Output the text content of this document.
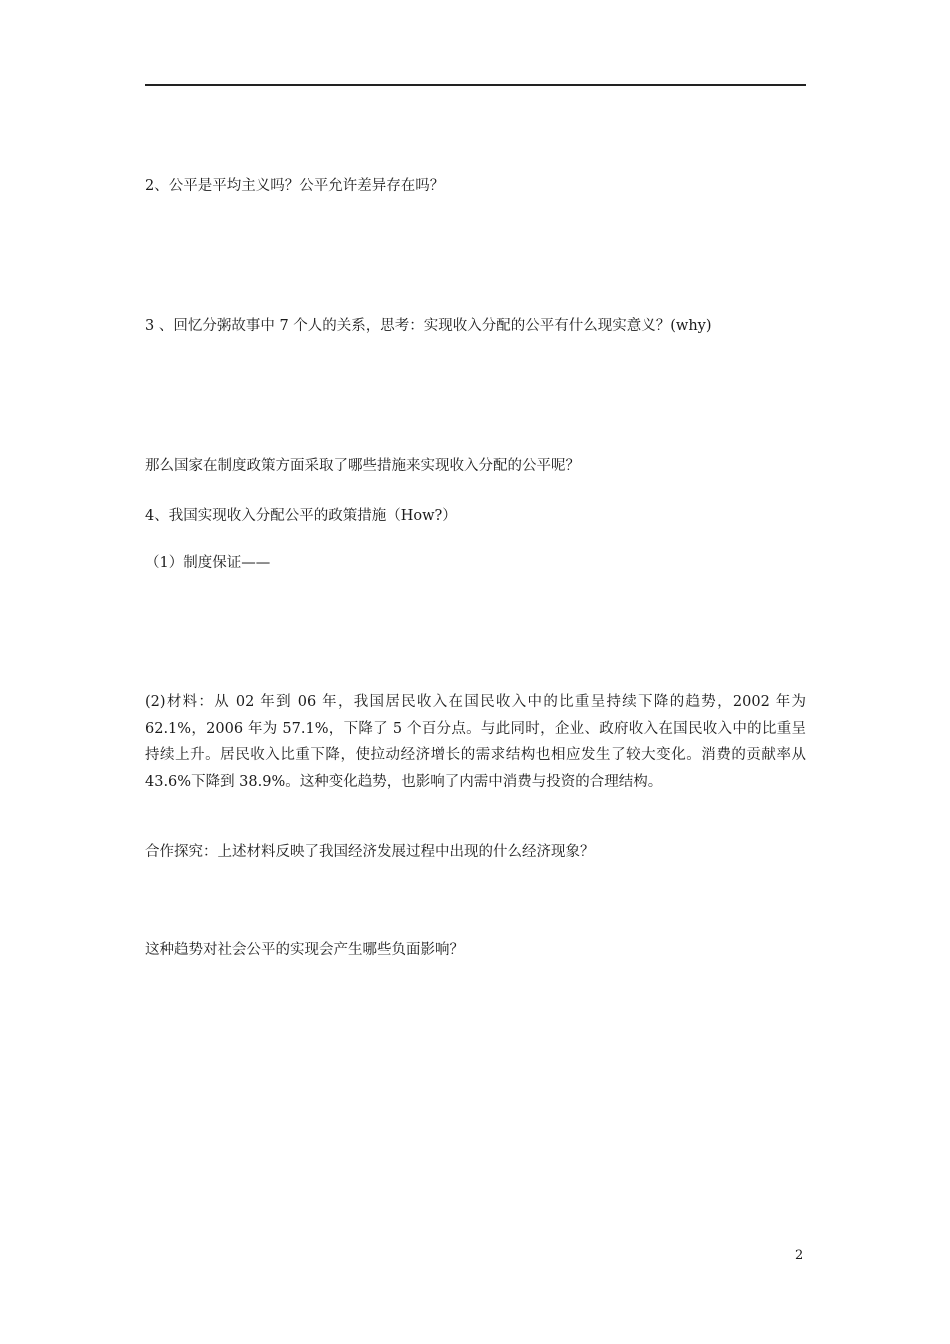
2、公平是平均主义吗？公平允许差异存在吗？
3 、回忆分粥故事中 7 个人的关系，思考：实现收入分配的公平有什么现实意义？(why)
那么国家在制度政策方面采取了哪些措施来实现收入分配的公平呢？
4、我国实现收入分配公平的政策措施（How?）
（1）制度保证——
(2)材料：从 02 年到 06 年，我国居民收入在国民收入中的比重呈持续下降的趋势，2002 年为 62.1%，2006 年为 57.1%，下降了 5 个百分点。与此同时，企业、政府收入在国民收入中的比重呈持续上升。居民收入比重下降，使拉动经济增长的需求结构也相应发生了较大变化。消费的贡献率从 43.6%下降到 38.9%。这种变化趋势，也影响了内需中消费与投资的合理结构。
合作探究：上述材料反映了我国经济发展过程中出现的什么经济现象？
这种趋势对社会公平的实现会产生哪些负面影响？
2
